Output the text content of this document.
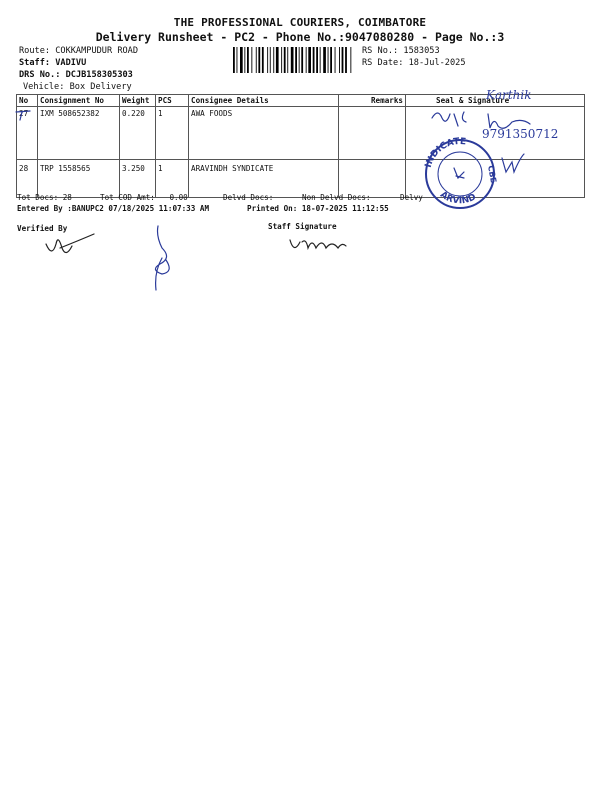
THE PROFESSIONAL COURIERS, COIMBATORE
Delivery Runsheet - PC2 - Phone No.:9047080280 - Page No.:3
Route: COKKAMPUDUR ROAD
Staff: VADIVU
DRS No.: DCJB158305303
Vehicle: Box Delivery
RS No.: 1583053
RS Date: 18-Jul-2025
No	Consignment No	Weight	PCS	Consignee Details	Remarks	Seal & Signature
27	IXM 508652382	0.220	1	AWA FOODS		
28	TRP 1558565	3.250	1	ARAVINDH SYNDICATE		
Tot Docs: 28	Tot COD Amt: 0.00	Delvd Docs:	Non Delvd Docs:	Delvy
Entered By :BANUPC2 07/18/2025 11:07:33 AM	Printed On: 18-07-2025 11:12:55
Verified By	Staff Signature
Karthik
9791350712
INDICATE
ARVIND
CBE
